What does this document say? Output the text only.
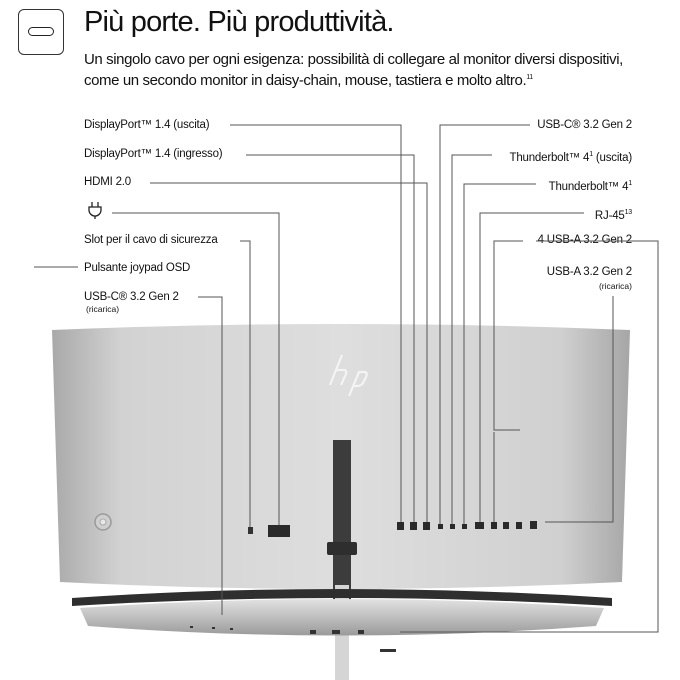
Più porte. Più produttività.
Un singolo cavo per ogni esigenza: possibilità di collegare al monitor diversi dispositivi,
come un secondo monitor in daisy-chain, mouse, tastiera e molto altro.$^{11}$
DisplayPort™ 1.4 (uscita)
DisplayPort™ 1.4 (ingresso)
HDMI 2.0
Slot per il cavo di sicurezza
Pulsante joypad OSD
USB-C® 3.2 Gen 2
(ricarica)
USB-C® 3.2 Gen 2
Thunderbolt™ $4^1$ (uscita)
Thunderbolt™ $4^1$
$RJ-45^{13}$
4 USB-A 3.2 Gen 2
USB-A 3.2 Gen 2
(ricarica)
